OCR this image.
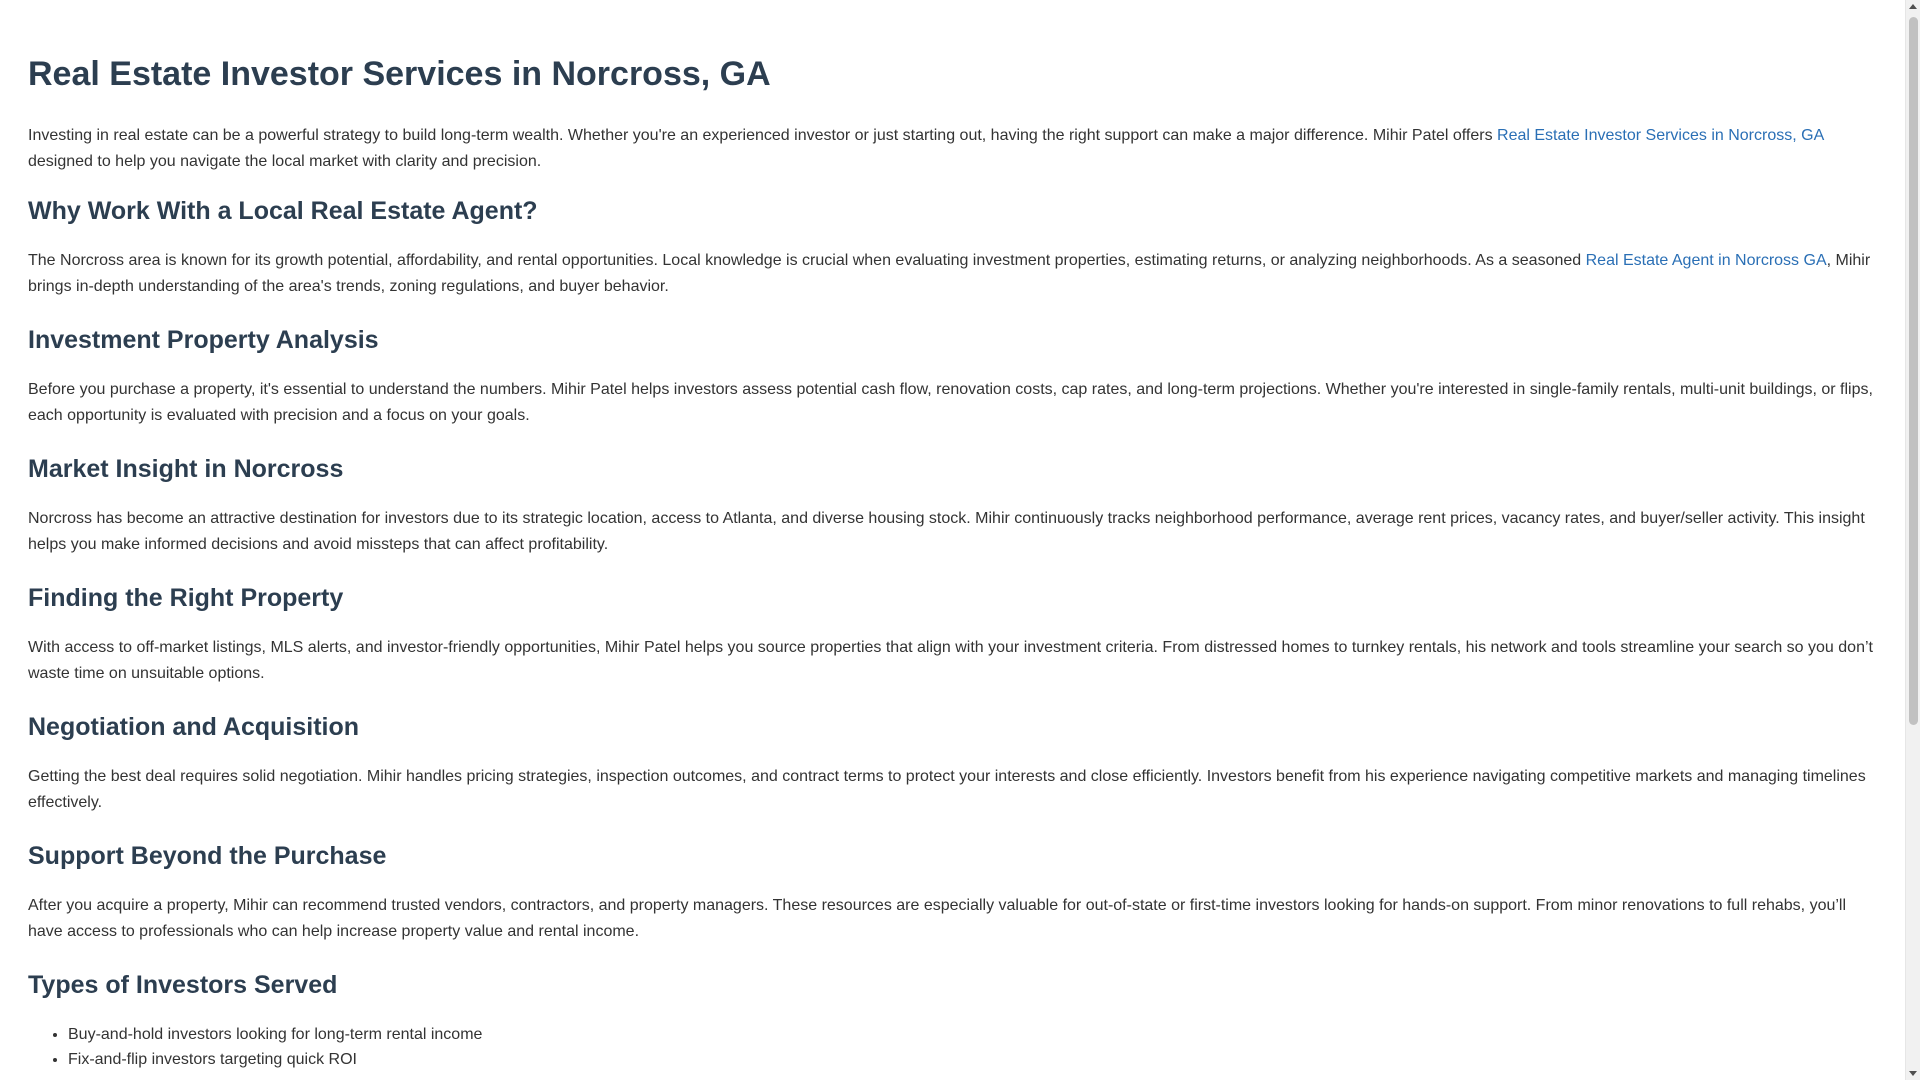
Real Estate Investor Services in Norcross, GA

Investing in real estate can be a powerful strategy to build long-term wealth. Whether you're an experienced investor or just starting out, having the right support can make a major difference. Mihir Patel offers Real Estate Investor Services in Norcross, GA designed to help you navigate the local market with clarity and precision.

Why Work With a Local Real Estate Agent?

The Norcross area is known for its growth potential, affordability, and rental opportunities. Local knowledge is crucial when evaluating investment properties, estimating returns, or analyzing neighborhoods. As a seasoned Real Estate Agent in Norcross GA, Mihir brings in-depth understanding of the area's trends, zoning regulations, and buyer behavior.

Investment Property Analysis

Before you purchase a property, it's essential to understand the numbers. Mihir Patel helps investors assess potential cash flow, renovation costs, cap rates, and long-term projections. Whether you're interested in single-family rentals, multi-unit buildings, or flips, each opportunity is evaluated with precision and a focus on your goals.

Market Insight in Norcross

Norcross has become an attractive destination for investors due to its strategic location, access to Atlanta, and diverse housing stock. Mihir continuously tracks neighborhood performance, average rent prices, vacancy rates, and buyer/seller activity. This insight helps you make informed decisions and avoid missteps that can affect profitability.

Finding the Right Property

With access to off-market listings, MLS alerts, and investor-friendly opportunities, Mihir Patel helps you source properties that align with your investment criteria. From distressed homes to turnkey rentals, his network and tools streamline your search so you don’t waste time on unsuitable options.

Negotiation and Acquisition

Getting the best deal requires solid negotiation. Mihir handles pricing strategies, inspection outcomes, and contract terms to protect your interests and close efficiently. Investors benefit from his experience navigating competitive markets and managing timelines effectively.

Support Beyond the Purchase

After you acquire a property, Mihir can recommend trusted vendors, contractors, and property managers. These resources are especially valuable for out-of-state or first-time investors looking for hands-on support. From minor renovations to full rehabs, you’ll have access to professionals who can help increase property value and rental income.

Types of Investors Served
• Buy-and-hold investors looking for long-term rental income
• Fix-and-flip investors targeting quick ROI
